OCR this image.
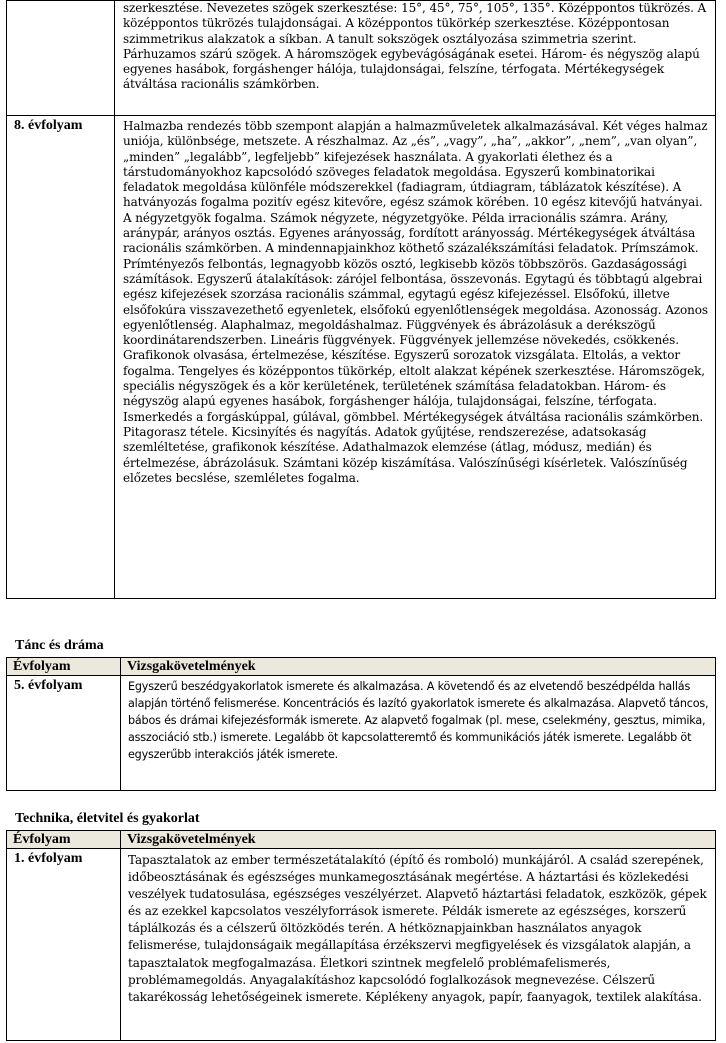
	szerkesztése. Nevezetes szögek szerkesztése: 15°, 45°, 75°, 105°, 135°. Középpontos tükrözés. A középpontos tükrözés tulajdonságai. A középpontos tükörkép szerkesztése. Középpontosan szimmetrikus alakzatok a síkban. A tanult sokszögek osztályozása szimmetria szerint. Párhuzamos szárú szögek. A háromszögek egybevágóságának esetei. Három- és négyszög alapú egyenes hasábok, forgáshenger hálója, tulajdonságai, felszíne, térfogata. Mértékegységek átváltása racionális számkörben.
8. évfolyam	Halmazba rendezés több szempont alapján a halmazműveletek alkalmazásával. Két véges halmaz uniója, különbsége, metszete. A részhalmaz. Az „és”, „vagy”, „ha”, „akkor”, „nem”, „van olyan”, „minden” „legalább”, legfeljebb” kifejezések használata. A gyakorlati élethez és a társtudományokhoz kapcsolódó szöveges feladatok megoldása. Egyszerű kombinatorikai feladatok megoldása különféle módszerekkel (fadiagram, útdiagram, táblázatok készítése). A hatványozás fogalma pozitív egész kitevőre, egész számok körében. 10 egész kitevőjű hatványai. A négyzetgyök fogalma. Számok négyzete, négyzetgyöke. Példa irracionális számra. Arány, aránypár, arányos osztás. Egyenes arányosság, fordított arányosság. Mértékegységek átváltása racionális számkörben. A mindennapjainkhoz köthető százalékszámítási feladatok. Prímszámok. Prímtényezős felbontás, legnagyobb közös osztó, legkisebb közös többszörös. Gazdaságossági számítások. Egyszerű átalakítások: zárójel felbontása, összevonás. Egytagú és többtagú algebrai egész kifejezések szorzása racionális számmal, egytagú egész kifejezéssel. Elsőfokú, illetve elsőfokúra visszavezethető egyenletek, elsőfokú egyenlőtlenségek megoldása. Azonosság. Azonos egyenlőtlenség. Alaphalmaz, megoldáshalmaz. Függvények és ábrázolásuk a derékszögű koordinátarendszerben. Lineáris függvények. Függvények jellemzése növekedés, csökkenés. Grafikonok olvasása, értelmezése, készítése. Egyszerű sorozatok vizsgálata. Eltolás, a vektor fogalma. Tengelyes és középpontos tükörkép, eltolt alakzat képének szerkesztése. Háromszögek, speciális négyszögek és a kör kerületének, területének számítása feladatokban. Három- és négyszög alapú egyenes hasábok, forgáshenger hálója, tulajdonságai, felszíne, térfogata. Ismerkedés a forgáskúppal, gúlával, gömbbel. Mértékegységek átváltása racionális számkörben. Pitagorasz tétele. Kicsinyítés és nagyítás. Adatok gyűjtése, rendszerezése, adatsokaság szemléltetése, grafikonok készítése. Adathalmazok elemzése (átlag, módusz, medián) és értelmezése, ábrázolásuk. Számtani közép kiszámítása. Valószínűségi kísérletek. Valószínűség előzetes becslése, szemléletes fogalma.
Tánc és dráma
Évfolyam	Vizsgakövetelmények
5. évfolyam	Egyszerű beszédgyakorlatok ismerete és alkalmazása. A követendő és az elvetendő beszédpélda hallás alapján történő felismerése. Koncentrációs és lazító gyakorlatok ismerete és alkalmazása. Alapvető táncos, bábos és drámai kifejezésformák ismerete. Az alapvető fogalmak (pl. mese, cselekmény, gesztus, mimika, asszociáció stb.) ismerete. Legalább öt kapcsolatteremtő és kommunikációs játék ismerete. Legalább öt egyszerűbb interakciós játék ismerete.
Technika, életvitel és gyakorlat
Évfolyam	Vizsgakövetelmények
1. évfolyam	Tapasztalatok az ember természetátalakító (építő és romboló) munkájáról. A család szerepének, időbeosztásának és egészséges munkamegosztásának megértése. A háztartási és közlekedési veszélyek tudatosulása, egészséges veszélyérzet. Alapvető háztartási feladatok, eszközök, gépek és az ezekkel kapcsolatos veszélyforrások ismerete. Példák ismerete az egészséges, korszerű táplálkozás és a célszerű öltözködés terén. A hétköznapjainkban használatos anyagok felismerése, tulajdonságaik megállapítása érzékszervi megfigyelések és vizsgálatok alapján, a tapasztalatok megfogalmazása. Életkori szintnek megfelelő problémafelismerés, problémamegoldás. Anyagalakításhoz kapcsolódó foglalkozások megnevezése. Célszerű takarékosság lehetőségeinek ismerete. Képlékeny anyagok, papír, faanyagok, textilek alakítása.
